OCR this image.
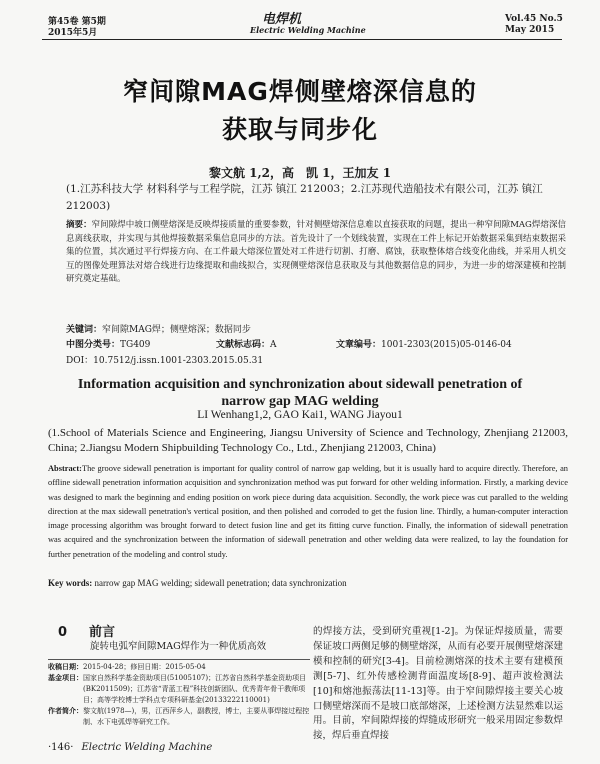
第45卷 第5期
2015年5月
电焊机
Electric Welding Machine
Vol.45 No.5
May 2015
窄间隙MAG焊侧壁熔深信息的
获取与同步化
黎文航 1,2，高　凯 1，王加友 1
(1.江苏科技大学 材料科学与工程学院，江苏 镇江 212003；2.江苏现代造船技术有限公司，江苏 镇江 212003)
摘要：窄间隙焊中坡口侧壁熔深是反映焊接质量的重要参数，针对侧壁熔深信息难以直接获取的问题，提出一种窄间隙MAG焊熔深信息离线获取，并实现与其他焊接数据采集信息同步的方法。首先设计了一个划线装置，实现在工件上标记开始数据采集到结束数据采集的位置，其次通过平行焊接方向、在工件最大熔深位置处对工件进行切割、打磨、腐蚀，获取整体熔合线变化曲线，并采用人机交互的图像处理算法对熔合线进行边缘提取和曲线拟合，实现侧壁熔深信息获取及与其他数据信息的同步，为进一步的熔深建模和控制研究奠定基础。
关键词：窄间隙MAG焊；侧壁熔深；数据同步
中图分类号：TG409	文献标志码：A	文章编号：1001-2303(2015)05-0146-04
DOI：10.7512/j.issn.1001-2303.2015.05.31
Information acquisition and synchronization about sidewall penetration of
narrow gap MAG welding
LI Wenhang1,2, GAO Kai1, WANG Jiayou1
(1.School of Materials Science and Engineering, Jiangsu University of Science and Technology, Zhenjiang 212003, China; 2.Jiangsu Modern Shipbuilding Technology Co., Ltd., Zhenjiang 212003, China)
Abstract:The groove sidewall penetration is important for quality control of narrow gap welding, but it is usually hard to acquire directly. Therefore, an offline sidewall penetration information acquisition and synchronization method was put forward for other welding information. Firstly, a marking device was designed to mark the beginning and ending position on work piece during data acquisition. Secondly, the work piece was cut paralled to the welding direction at the max sidewall penetration's vertical position, and then polished and corroded to get the fusion line. Thirdly, a human-computer interaction image processing algorithm was brought forward to detect fusion line and get its fitting curve function. Finally, the information of sidewall penetration was acquired and the synchronization between the information of sidewall penetration and other welding data were realized, to lay the foundation for further penetration of the modeling and control study.
Key words: narrow gap MAG welding; sidewall penetration; data synchronization
0 前言
旋转电弧窄间隙MAG焊作为一种优质高效
收稿日期： 2015-04-28；修回日期：2015-05-04
基金项目： 国家自然科学基金资助项目(51005107)；江苏省自然科学基金资助项目(BK2011509)；江苏省“青蓝工程”科技创新团队、优秀青年骨干教师项目；高等学校博士学科点专项科研基金(20133222110001)
作者简介： 黎文航(1978—)，男，江西萍乡人，副教授，博士，主要从事焊接过程控制、水下电弧焊等研究工作。
的焊接方法，受到研究重视[1-2]。为保证焊接质量，需要保证坡口两侧足够的侧壁熔深，从而有必要开展侧壁熔深建模和控制的研究[3-4]。目前检测熔深的技术主要有建模预测[5-7]、红外传感检测背面温度场[8-9]、超声波检测法[10]和熔池振荡法[11-13]等。由于窄间隙焊接主要关心坡口侧壁熔深而不是坡口底部熔深，上述检测方法显然难以运用。目前，窄间隙焊接的焊缝成形研究一般采用固定参数焊接，焊后垂直焊接
·146· Electric Welding Machine
